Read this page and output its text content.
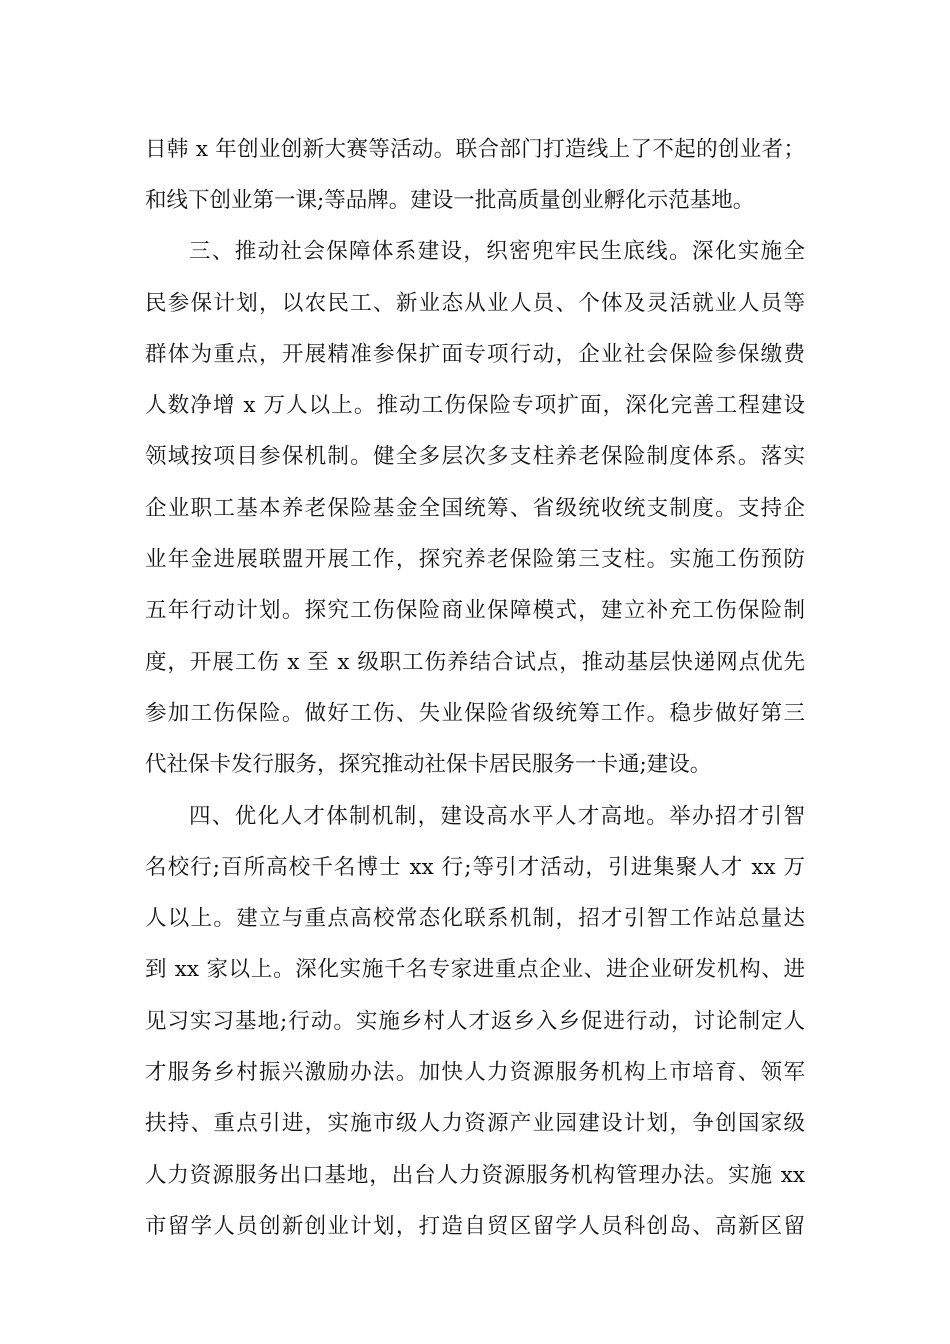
日韩 x 年创业创新大赛等活动。联合部门打造线上了不起的创业者；
和线下创业第一课;等品牌。建设一批高质量创业孵化示范基地。
三、推动社会保障体系建设，织密兜牢民生底线。深化实施全
民参保计划，以农民工、新业态从业人员、个体及灵活就业人员等
群体为重点，开展精准参保扩面专项行动，企业社会保险参保缴费
人数净增 x 万人以上。推动工伤保险专项扩面，深化完善工程建设
领域按项目参保机制。健全多层次多支柱养老保险制度体系。落实
企业职工基本养老保险基金全国统筹、省级统收统支制度。支持企
业年金进展联盟开展工作，探究养老保险第三支柱。实施工伤预防
五年行动计划。探究工伤保险商业保障模式，建立补充工伤保险制
度，开展工伤 x 至 x 级职工伤养结合试点，推动基层快递网点优先
参加工伤保险。做好工伤、失业保险省级统筹工作。稳步做好第三
代社保卡发行服务，探究推动社保卡居民服务一卡通;建设。
四、优化人才体制机制，建设高水平人才高地。举办招才引智
名校行;百所高校千名博士 xx 行;等引才活动，引进集聚人才 xx 万
人以上。建立与重点高校常态化联系机制，招才引智工作站总量达
到 xx 家以上。深化实施千名专家进重点企业、进企业研发机构、进
见习实习基地;行动。实施乡村人才返乡入乡促进行动，讨论制定人
才服务乡村振兴激励办法。加快人力资源服务机构上市培育、领军
扶持、重点引进，实施市级人力资源产业园建设计划，争创国家级
人力资源服务出口基地，出台人力资源服务机构管理办法。实施 xx
市留学人员创新创业计划，打造自贸区留学人员科创岛、高新区留
